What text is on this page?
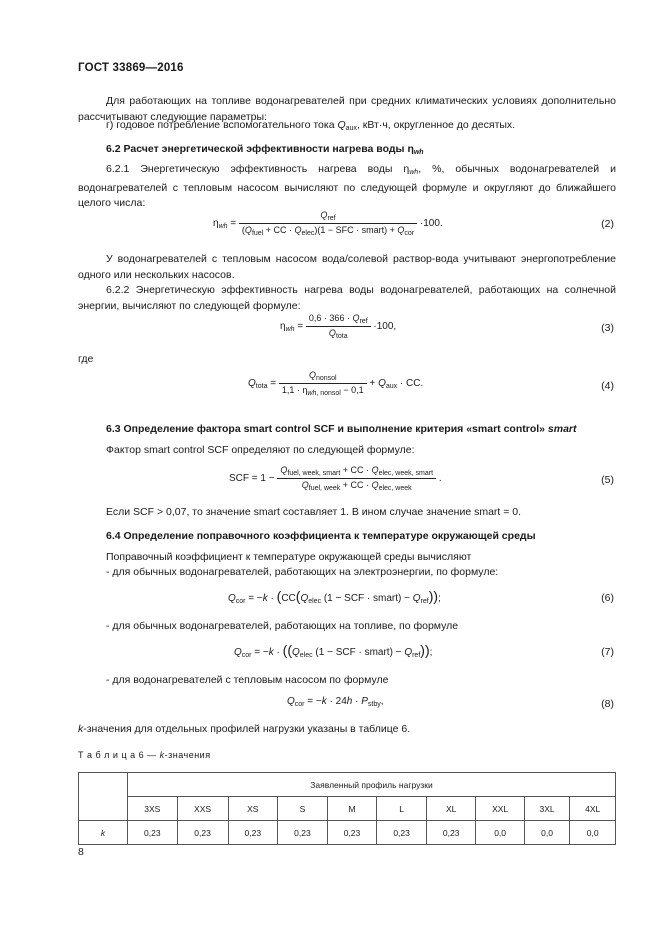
ГОСТ 33869—2016

Для работающих на топливе водонагревателей при средних климатических условиях дополнительно рассчитывают следующие параметры:

г) годовое потребление вспомогательного тока $Q_{aux}$, кВт·ч, округленное до десятых.

6.2 Расчет энергетической эффективности нагрева воды $\eta_{wh}$

6.2.1 Энергетическую эффективность нагрева воды $\eta_{wh}$, %, обычных водонагревателей и водонагревателей с тепловым насосом вычисляют по следующей формуле и округляют до ближайшего целого числа:

$\eta_{wh} = \frac{Q_{ref}}{(Q_{fuel} + CC \cdot Q_{elec})(1 - SFC \cdot smart) + Q_{cor}} \cdot 100$.	(2)

У водонагревателей с тепловым насосом вода/солевой раствор-вода учитывают энергопотребление одного или нескольких насосов.

6.2.2 Энергетическую эффективность нагрева воды водонагревателей, работающих на солнечной энергии, вычисляют по следующей формуле:

$\eta_{wh} = \frac{0,6 \cdot 366 \cdot Q_{ref}}{Q_{tota}} \cdot 100$,	(3)

где

$Q_{tota} = \frac{Q_{nonsol}}{1,1 \cdot \eta_{wh, nonsol} - 0,1} + Q_{aux}$ · CC.	(4)

6.3 Определение фактора smart control SCF и выполнение критерия «smart control» smart

Фактор smart control SCF определяют по следующей формуле:

SCF = $1 - \frac{Q_{fuel, week, smart} + CC \cdot Q_{elec, week, smart}}{Q_{fuel, week} + CC \cdot Q_{elec, week}}$ .	(5)

Если SCF > 0,07, то значение smart составляет 1. В ином случае значение smart = 0.

6.4 Определение поправочного коэффициента к температуре окружающей среды

Поправочный коэффициент к температуре окружающей среды вычисляют

- для обычных водонагревателей, работающих на электроэнергии, по формуле:

$Q_{cor} = -k \cdot (CC(Q_{elec}$ (1 − SCF · smart) − $Q_{ref}$));	(6)

- для обычных водонагревателей, работающих на топливе, по формуле

$Q_{cor} = -k \cdot ((Q_{elec}$ (1 − SCF · smart) − $Q_{ref}$));	(7)

- для водонагревателей с тепловым насосом по формуле

$Q_{cor} = -k \cdot 24h \cdot P_{stby}$,	(8)

k-значения для отдельных профилей нагрузки указаны в таблице 6.

Т а б л и ц а 6 — k-значения
	Заявленный профиль нагрузки									
	3XS	XXS	XS	S	M	L	XL	XXL	3XL	4XL
k	0,23	0,23	0,23	0,23	0,23	0,23	0,23	0,0	0,0	0,0
8
